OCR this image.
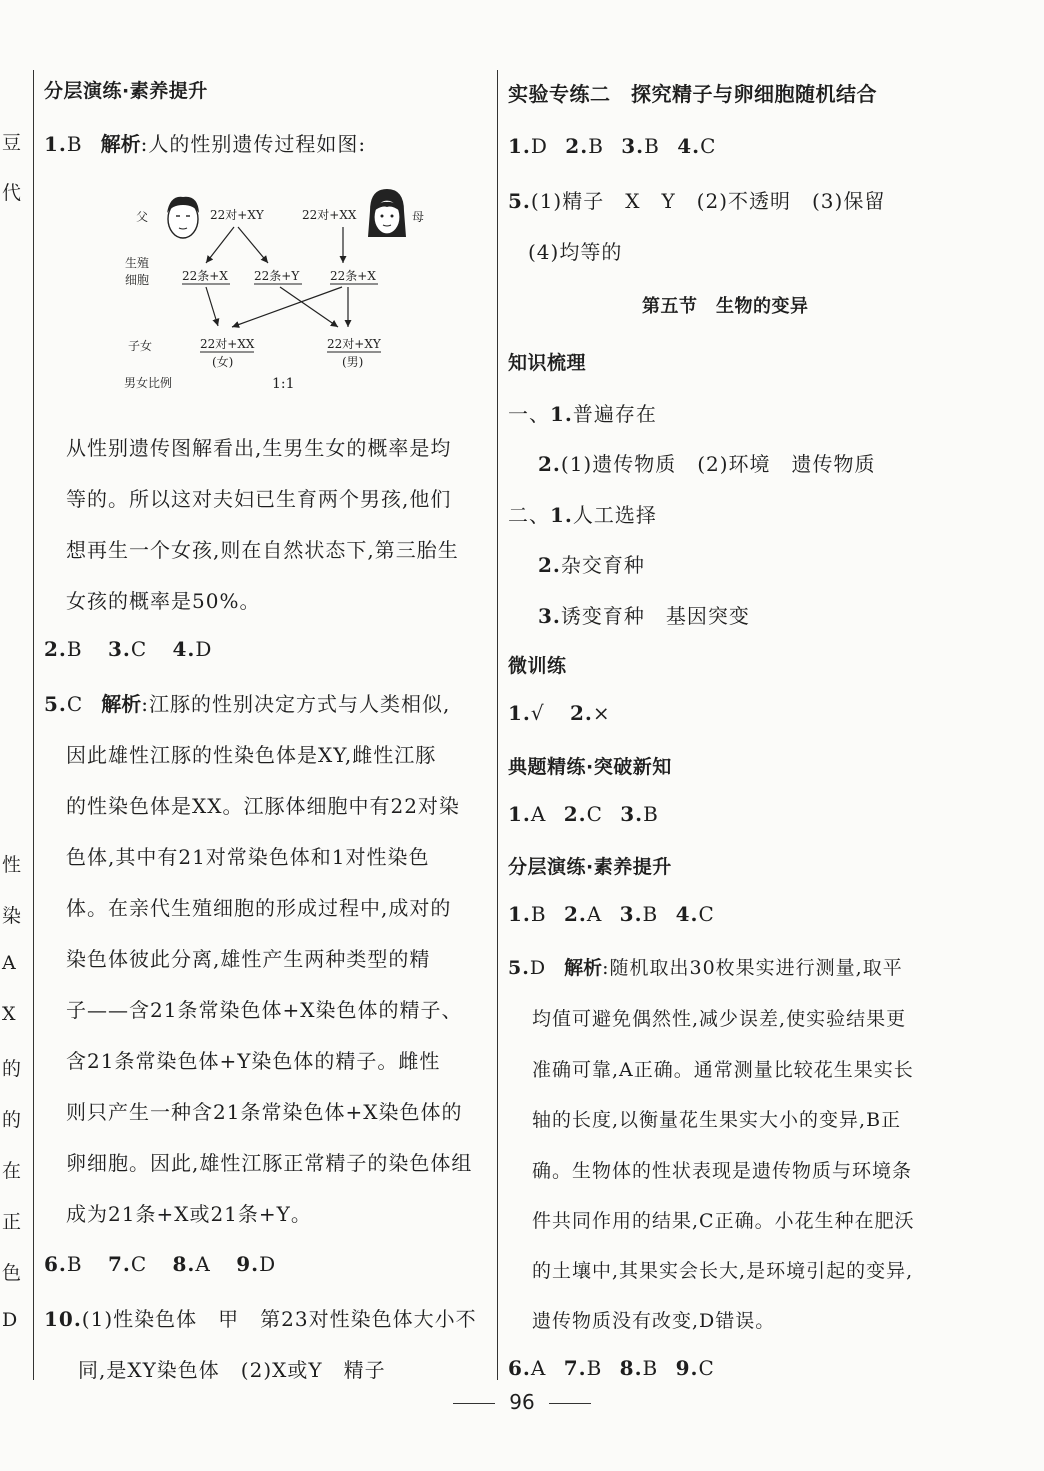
豆
代
性
染
A
X
的
的
在
正
色
D
分层演练·素养提升
1.B 解析:人的性别遗传过程如图:
父	母
22对+XY	22对+XX
生殖
细胞	22条+X 22条+Y	22条+X
子女	22对+XX
(女)
22对+XY
(男)
男女比例	1:1
从性别遗传图解看出,生男生女的概率是均
等的。所以这对夫妇已生育两个男孩,他们
想再生一个女孩,则在自然状态下,第三胎生
女孩的概率是50%。
2.B 3.C 4.D
5.C 解析:江豚的性别决定方式与人类相似,
因此雄性江豚的性染色体是XY,雌性江豚
的性染色体是XX。江豚体细胞中有22对染
色体,其中有21对常染色体和1对性染色
体。在亲代生殖细胞的形成过程中,成对的
染色体彼此分离,雄性产生两种类型的精
子——含21条常染色体+X染色体的精子、
含21条常染色体+Y染色体的精子。雌性
则只产生一种含21条常染色体+X染色体的
卵细胞。因此,雄性江豚正常精子的染色体组
成为21条+X或21条+Y。
6.B 7.C 8.A 9.D
10.(1)性染色体　甲　第23对性染色体大小不
同,是XY染色体　(2)X或Y　精子
实验专练二　探究精子与卵细胞随机结合
1.D 2.B 3.B 4.C
5.(1)精子　X　Y　(2)不透明　(3)保留
(4)均等的
第五节　生物的变异
知识梳理
一、1.普遍存在
2.(1)遗传物质　(2)环境　遗传物质
二、1.人工选择
2.杂交育种
3.诱变育种　基因突变
微训练
1.√ 2.×
典题精练·突破新知
1.A 2.C 3.B
分层演练·素养提升
1.B 2.A 3.B 4.C
5.D 解析:随机取出30枚果实进行测量,取平
均值可避免偶然性,减少误差,使实验结果更
准确可靠,A正确。通常测量比较花生果实长
轴的长度,以衡量花生果实大小的变异,B正
确。生物体的性状表现是遗传物质与环境条
件共同作用的结果,C正确。小花生种在肥沃
的土壤中,其果实会长大,是环境引起的变异,
遗传物质没有改变,D错误。
6.A 7.B 8.B 9.C
96
